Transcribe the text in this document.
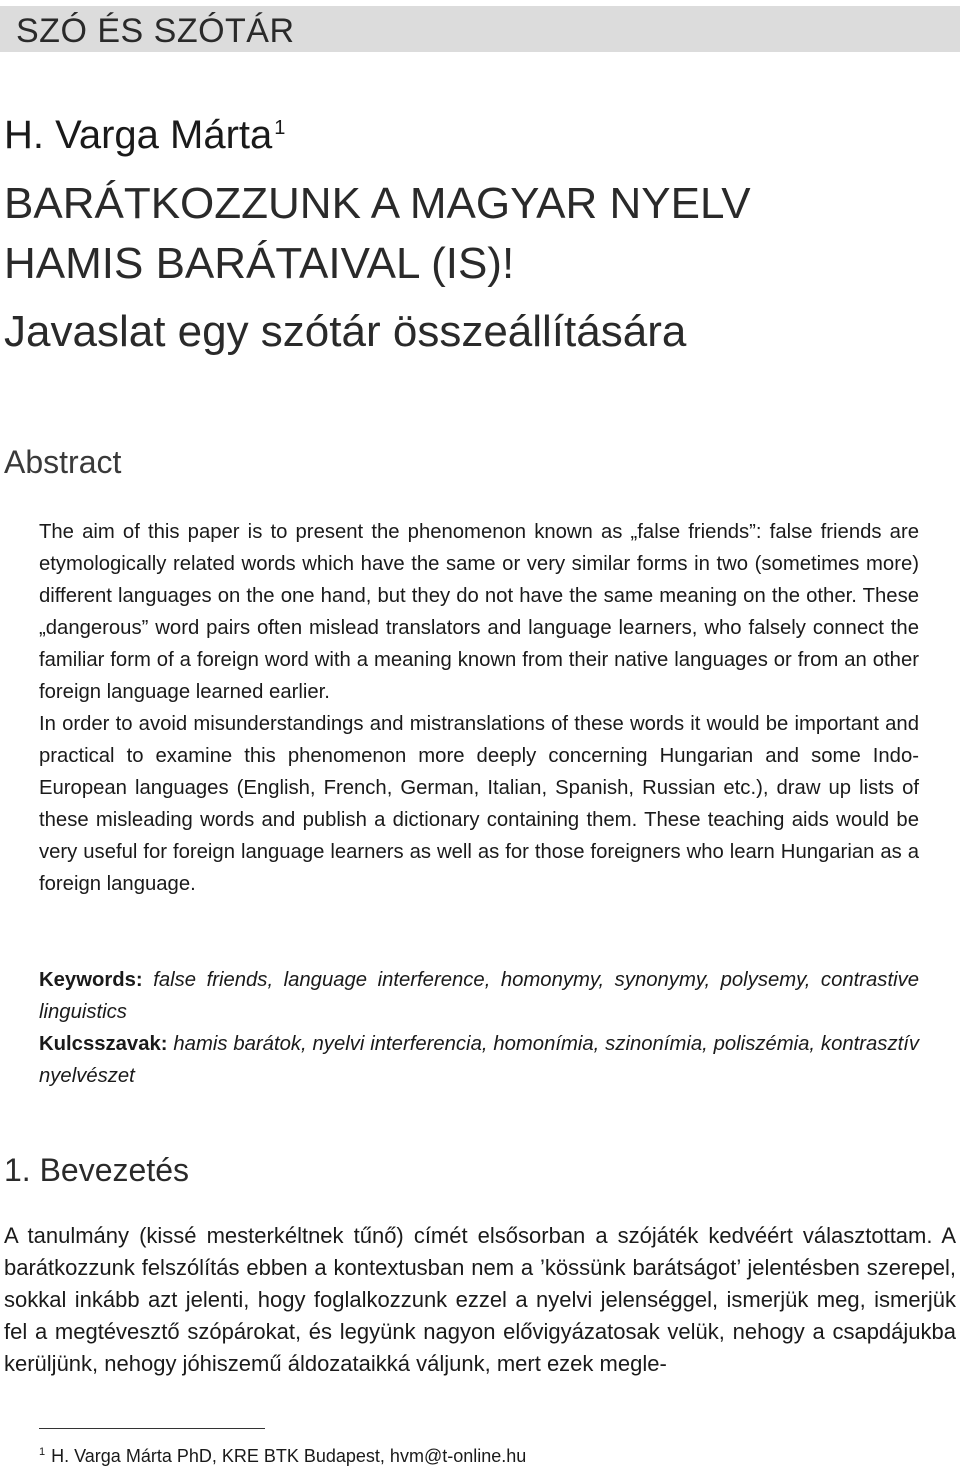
SZÓ ÉS SZÓTÁR
H. Varga Márta $^1$
BARÁTKOZZUNK A MAGYAR NYELV
HAMIS BARÁTAIVAL (IS)!
Javaslat egy szótár összeállítására
Abstract

The aim of this paper is to present the phenomenon known as „false friends”: false friends are etymologically related words which have the same or very similar forms in two (sometimes more) different languages on the one hand, but they do not have the same meaning on the other. These „dangerous” word pairs often mislead translators and language learners, who falsely connect the familiar form of a foreign word with a meaning known from their native languages or from an other foreign language learned earlier.

In order to avoid misunderstandings and mistranslations of these words it would be important and practical to examine this phenomenon more deeply concerning Hungarian and some Indo-European languages (English, French, German, Italian, Spanish, Russian etc.), draw up lists of these misleading words and publish a dictionary containing them. These teaching aids would be very useful for foreign language learners as well as for those foreigners who learn Hungarian as a foreign language.

Keywords: false friends, language interference, homonymy, synonymy, polysemy, contrastive linguistics

Kulcsszavak: hamis barátok, nyelvi interferencia, homonímia, szinonímia, poliszémia, kontrasztív nyelvészet

1. Bevezetés

A tanulmány (kissé mesterkéltnek tűnő) címét elsősorban a szójáték kedvéért választottam. A barátkozzunk felszólítás ebben a kontextusban nem a ’kössünk barátságot’ jelentésben szerepel, sokkal inkább azt jelenti, hogy foglalkozzunk ezzel a nyelvi jelenséggel, ismerjük meg, ismerjük fel a megtévesztő szópárokat, és legyünk nagyon elővigyázatosak velük, nehogy a csapdájukba kerüljünk, nehogy jóhiszemű áldozataikká váljunk, mert ezek megle-

$^1$ H. Varga Márta PhD, KRE BTK Budapest, hvm@t-online.hu
